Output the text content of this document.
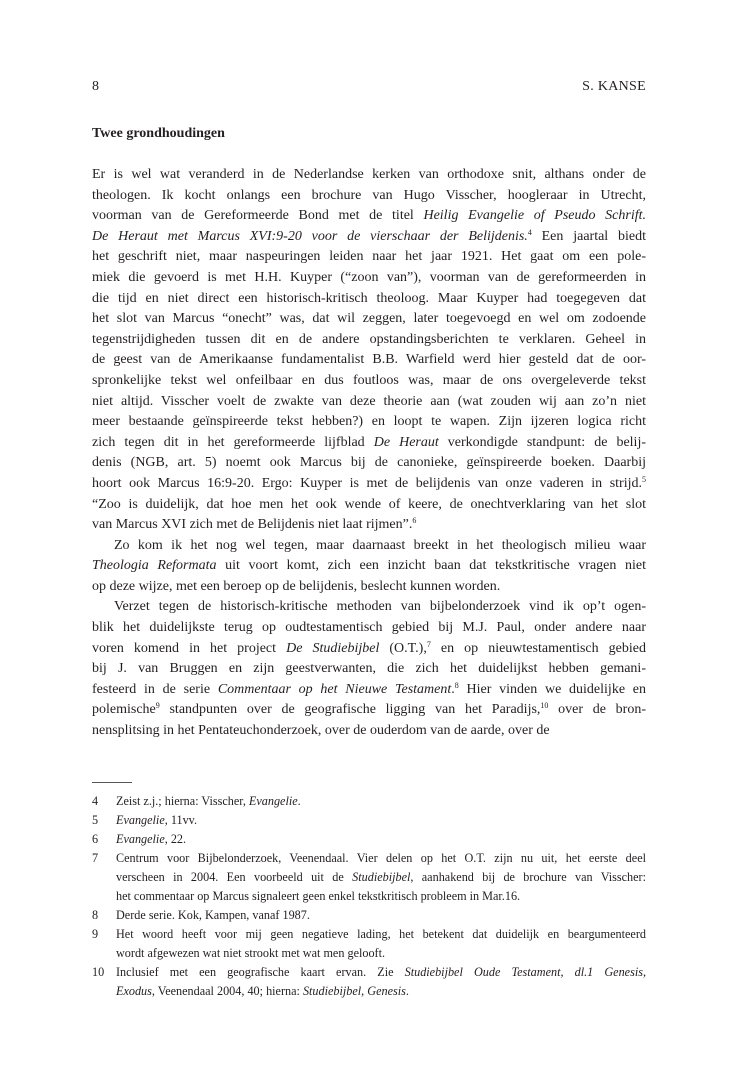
8	S. KANSE
Twee grondhoudingen
Er is wel wat veranderd in de Nederlandse kerken van orthodoxe snit, althans onder de
theologen. Ik kocht onlangs een brochure van Hugo Visscher, hoogleraar in Utrecht,
voorman van de Gereformeerde Bond met de titel Heilig Evangelie of Pseudo Schrift.
De Heraut met Marcus XVI:9-20 voor de vierschaar der Belijdenis.$^4$ Een jaartal biedt
het geschrift niet, maar naspeuringen leiden naar het jaar 1921. Het gaat om een pole-
miek die gevoerd is met H.H. Kuyper (“zoon van”), voorman van de gereformeerden in
die tijd en niet direct een historisch-kritisch theoloog. Maar Kuyper had toegegeven dat
het slot van Marcus “onecht” was, dat wil zeggen, later toegevoegd en wel om zodoende
tegenstrijdigheden tussen dit en de andere opstandingsberichten te verklaren. Geheel in
de geest van de Amerikaanse fundamentalist B.B. Warfield werd hier gesteld dat de oor-
spronkelijke tekst wel onfeilbaar en dus foutloos was, maar de ons overgeleverde tekst
niet altijd. Visscher voelt de zwakte van deze theorie aan (wat zouden wij aan zo’n niet
meer bestaande geïnspireerde tekst hebben?) en loopt te wapen. Zijn ijzeren logica richt
zich tegen dit in het gereformeerde lijfblad De Heraut verkondigde standpunt: de belij-
denis (NGB, art. 5) noemt ook Marcus bij de canonieke, geïnspireerde boeken. Daarbij
hoort ook Marcus 16:9-20. Ergo: Kuyper is met de belijdenis van onze vaderen in strijd.$^5$
“Zoo is duidelijk, dat hoe men het ook wende of keere, de onechtverklaring van het slot
van Marcus XVI zich met de Belijdenis niet laat rijmen”.$^6$
Zo kom ik het nog wel tegen, maar daarnaast breekt in het theologisch milieu waar
Theologia Reformata uit voort komt, zich een inzicht baan dat tekstkritische vragen niet
op deze wijze, met een beroep op de belijdenis, beslecht kunnen worden.
Verzet tegen de historisch-kritische methoden van bijbelonderzoek vind ik op’t ogen-
blik het duidelijkste terug op oudtestamentisch gebied bij M.J. Paul, onder andere naar
voren komend in het project De Studiebijbel (O.T.),$^7$ en op nieuwtestamentisch gebied
bij J. van Bruggen en zijn geestverwanten, die zich het duidelijkst hebben gemani-
festeerd in de serie Commentaar op het Nieuwe Testament.$^8$ Hier vinden we duidelijke en
polemische$^9$ standpunten over de geografische ligging van het Paradijs,$^{10}$ over de bron-
nensplitsing in het Pentateuchonderzoek, over de ouderdom van de aarde, over de
4	Zeist z.j.; hierna: Visscher, Evangelie.
5	Evangelie, 11vv.
6	Evangelie, 22.
7	Centrum voor Bijbelonderzoek, Veenendaal. Vier delen op het O.T. zijn nu uit, het eerste deel
verscheen in 2004. Een voorbeeld uit de Studiebijbel, aanhakend bij de brochure van Visscher:
het commentaar op Marcus signaleert geen enkel tekstkritisch probleem in Mar.16.
8	Derde serie. Kok, Kampen, vanaf 1987.
9	Het woord heeft voor mij geen negatieve lading, het betekent dat duidelijk en beargumenteerd
wordt afgewezen wat niet strookt met wat men gelooft.
10 Inclusief met een geografische kaart ervan. Zie Studiebijbel Oude Testament, dl.1 Genesis,
Exodus, Veenendaal 2004, 40; hierna: Studiebijbel, Genesis.
